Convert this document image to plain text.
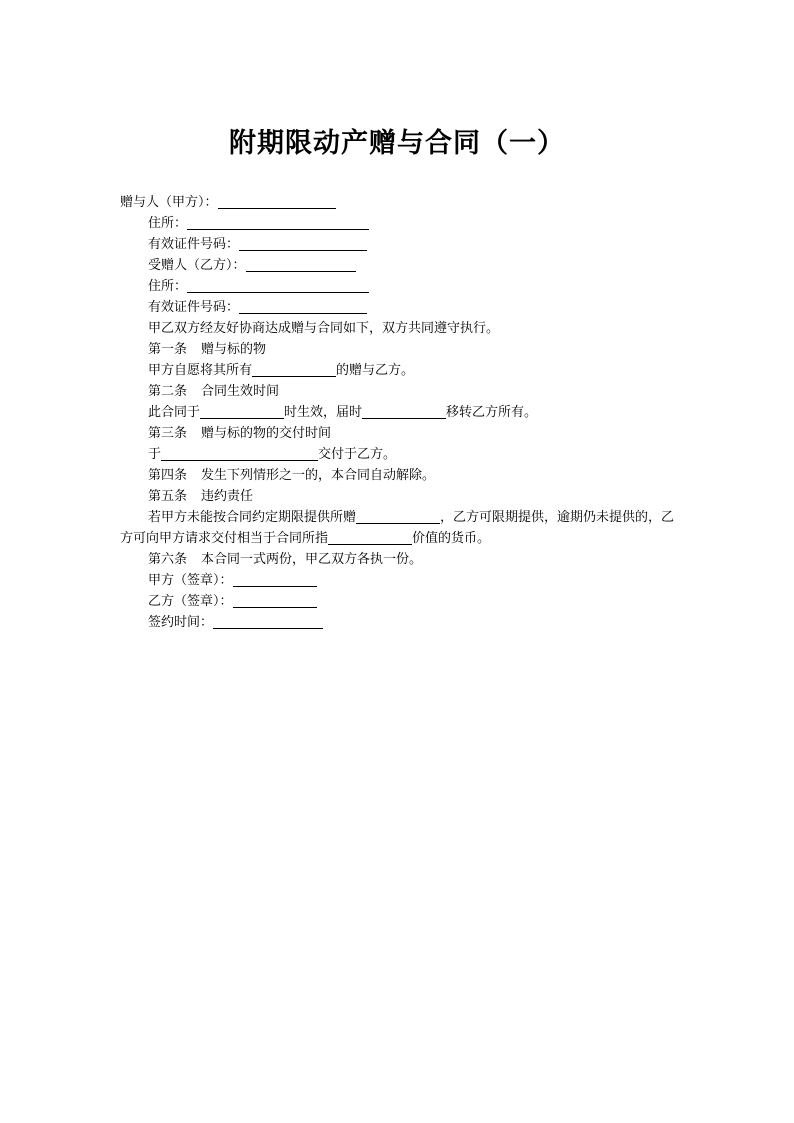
附期限动产赠与合同（一）
赠与人（甲方）：
住所：
有效证件号码：
受赠人（乙方）：
住所：
有效证件号码：
甲乙双方经友好协商达成赠与合同如下，双方共同遵守执行。
第一条 赠与标的物
甲方自愿将其所有	的赠与乙方。
第二条 合同生效时间
此合同于	时生效，届时	移转乙方所有。
第三条 赠与标的物的交付时间
于	交付于乙方。
第四条 发生下列情形之一的，本合同自动解除。
第五条 违约责任
若甲方未能按合同约定期限提供所赠	，乙方可限期提供，逾期仍未提供的，乙方可向甲方请求交付相当于合同所指	价值的货币。
第六条 本合同一式两份，甲乙双方各执一份。
甲方（签章）：
乙方（签章）：
签约时间：
